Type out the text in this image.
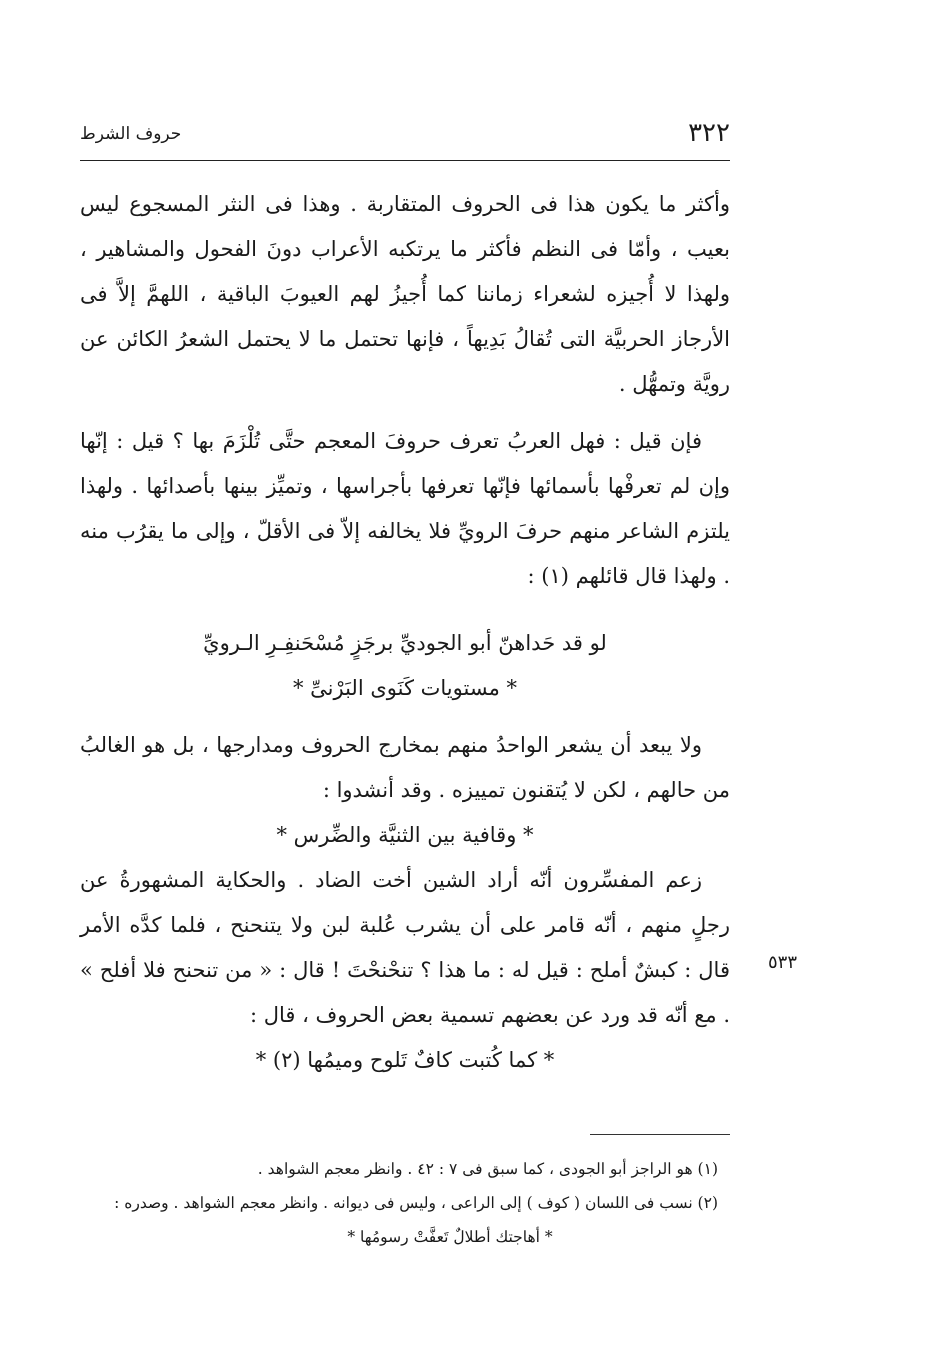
٣٢٢
حروف الشرط

وأكثر ما يكون هذا فى الحروف المتقاربة . وهذا فى النثر المسجوع ليس بعيب ، وأمّا فى النظم فأكثر ما يرتكبه الأعراب دونَ الفحول والمشاهير ، ولهذا لا أُجيزه لشعراء زماننا كما أُجيزُ لهم العيوبَ الباقية ، اللهمَّ إلاَّ فى الأرجاز الحربيَّة التى تُقالُ بَدِيهاً ، فإنها تحتمل ما لا يحتمل الشعرُ الكائن عن رويَّة وتمهُّل .

فإن قيل : فهل العربُ تعرف حروفَ المعجم حتَّى تُلْزَمَ بها ؟ قيل : إنّها وإن لم تعرفْها بأسمائها فإنّها تعرفها بأجراسها ، وتميِّز بينها بأصدائها . ولهذا يلتزم الشاعر منهم حرفَ الرويِّ فلا يخالفه إلاّ فى الأقلّ ، وإلى ما يقرُب منه . ولهذا قال قائلهم (١) :

لو قد حَداهنّ أبو الجوديِّ برجَزٍ مُسْحَنفِـرِ الـرويِّ

* مستويات كَنَوى البَرْنىِّ *

ولا يبعد أن يشعر الواحدُ منهم بمخارج الحروف ومدارجها ، بل هو الغالبُ من حالهم ، لكن لا يُتقنون تمييزه . وقد أنشدوا :

* وقافية بين الثنيَّة والضِّرس *

زعم المفسِّرون أنّه أراد الشين أخت الضاد . والحكاية المشهورةُ عن رجلٍ منهم ، أنّه قامر على أن يشرب عُلبة لبن ولا يتنحنح ، فلما كدَّه الأمر قال : كبشٌ أملح : قيل له : ما هذا ؟ تنحْنحْتَ ! قال : « من تنحنح فلا أفلح » . مع أنّه قد ورد عن بعضهم تسمية بعض الحروف ، قال :

* كما كُتبت كافٌ تَلوح وميمُها (٢) *

٥٣٣

(١) هو الراجز أبو الجودى ، كما سبق فى ٧ : ٤٢ . وانظر معجم الشواهد .

(٢) نسب فى اللسان ( كوف ) إلى الراعى ، وليس فى ديوانه . وانظر معجم الشواهد . وصدره :

* أهاجتك أطلالٌ تَعفَّتْ رسومُها *
